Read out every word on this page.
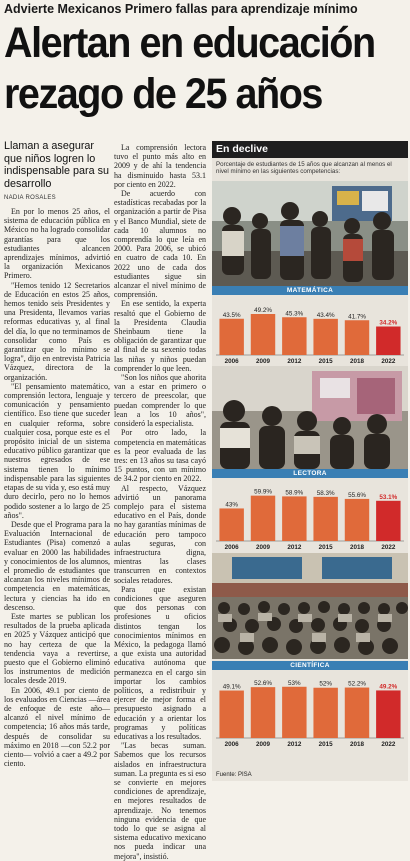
Advierte Mexicanos Primero fallas para aprendizaje mínimo
Alertan en educación
rezago de 25 años
Llaman a asegurar que niños logren lo indispensable para su desarrollo
NADIA ROSALES

En por lo menos 25 años, el sistema de educación pública en México no ha logrado consolidar garantías para que los estudiantes alcancen aprendizajes mínimos, advirtió la organización Mexicanos Primero.

"Hemos tenido 12 Secretarios de Educación en estos 25 años, hemos tenido seis Presidentes y una Presidenta, llevamos varias reformas educativas y, al final del día, lo que no terminamos de consolidar como País es garantizar que lo mínimo se logra", dijo en entrevista Patricia Vázquez, directora de la organización.

"El pensamiento matemático, comprensión lectora, lenguaje y comunicación y pensamiento científico. Eso tiene que suceder en cualquier reforma, sobre cualquier cosa, porque este es el propósito inicial de un sistema educativo público garantizar que nuestros egresados de ese sistema tienen lo mínimo indispensable para las siguientes etapas de su vida y, eso está muy duro decirlo, pero no lo hemos podido sostener a lo largo de 25 años".

Desde que el Programa para la Evaluación Internacional de Estudiantes (Pisa) comenzó a evaluar en 2000 las habilidades y conocimientos de los alumnos, el promedio de estudiantes que alcanzan los niveles mínimos de competencia en matemáticas, lectura y ciencias ha ido en descenso.

Este martes se publican los resultados de la prueba aplicada en 2025 y Vázquez anticipó que no hay certeza de que la tendencia vaya a revertirse, puesto que el Gobierno eliminó los instrumentos de medición locales desde 2019.

En 2006, 49.1 por ciento de los evaluados en Ciencias —área de enfoque de este año— alcanzó el nivel mínimo de competencia; 16 años más tarde, después de consolidar su máximo en 2018 —con 52.2 por ciento— volvió a caer a 49.2 por ciento.

La comprensión lectora tuvo el punto más alto en 2009 y de ahí la tendencia ha disminuido hasta 53.1 por ciento en 2022.

De acuerdo con estadísticas recabadas por la organización a partir de Pisa y el Banco Mundial, siete de cada 10 alumnos no comprendía lo que leía en 2000. Para 2006, se ubicó en cuatro de cada 10. En 2022 uno de cada dos estudiantes sigue sin alcanzar el nivel mínimo de comprensión.

En ese sentido, la experta resaltó que el Gobierno de la Presidenta Claudia Sheinbaum tiene la obligación de garantizar que al final de su sexenio todas las niñas y niños puedan comprender lo que leen.

"Son los niños que ahorita van a estar en primero o tercero de preescolar, que puedan comprender lo que lean a los 10 años", consideró la especialista.

Por otro lado, la competencia en matemáticas es la peor evaluada de las tres: en 13 años su tasa cayó 15 puntos, con un mínimo de 34.2 por ciento en 2022.

Al respecto, Vázquez advirtió un panorama complejo para el sistema educativo en el País, donde no hay garantías mínimas de educación pero tampoco aulas seguras, con infraestructura digna, mientras las clases transcurren en contextos sociales retadores.

Para que existan condiciones que aseguren que dos personas con profesiones u oficios distintos tengan los conocimientos mínimos en México, la pedagoga llamó a que exista una autoridad educativa autónoma que permanezca en el cargo sin importar los cambios políticos, a redistribuir y ejercer de mejor forma el presupuesto asignado a educación y a orientar los programas y políticas educativas a los resultados.

"Las becas suman. Sabemos que los recursos aislados en infraestructura suman. La pregunta es si eso se convierte en mejores condiciones de aprendizaje, en mejores resultados de aprendizaje. No tenemos ninguna evidencia de que todo lo que se asigna al sistema educativo mexicano nos pueda indicar una mejora", insistió.

En declive
Porcentaje de estudiantes de 15 años que alcanzan al menos el nivel mínimo en las siguientes competencias:
MATEMÁTICA
43.5%
2006
49.2%
2009
45.3%
2012
43.4%
2015
41.7%
2018
34.2%
2022
LECTORA
43%
2006
59.9%
2009
58.9%
2012
58.3%
2015
55.6%
2018
53.1%
2022
CIENTÍFICA
49.1%
2006
52.6%
2009
53%
2012
52%
2015
52.2%
2018
49.2%
2022
Fuente: PISA
